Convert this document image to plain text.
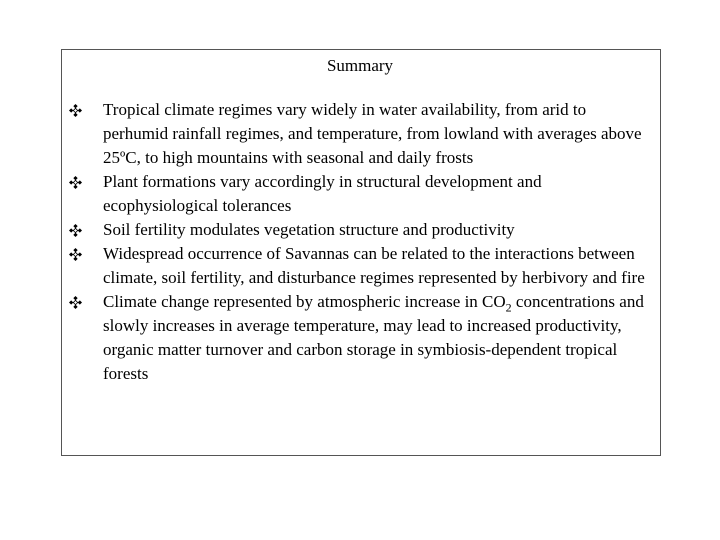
Summary
Tropical climate regimes vary widely in water availability, from arid to perhumid rainfall regimes, and temperature, from lowland with averages above 25ºC, to high mountains with seasonal and daily frosts
Plant formations vary accordingly in structural development and ecophysiological tolerances
Soil fertility modulates vegetation structure and productivity
Widespread occurrence of Savannas can be related to the interactions between climate, soil fertility, and disturbance regimes represented by herbivory and fire
Climate change represented by atmospheric increase in $CO_2$ concentrations and slowly increases in average temperature, may lead to increased productivity, organic matter turnover and carbon storage in symbiosis-dependent tropical forests
